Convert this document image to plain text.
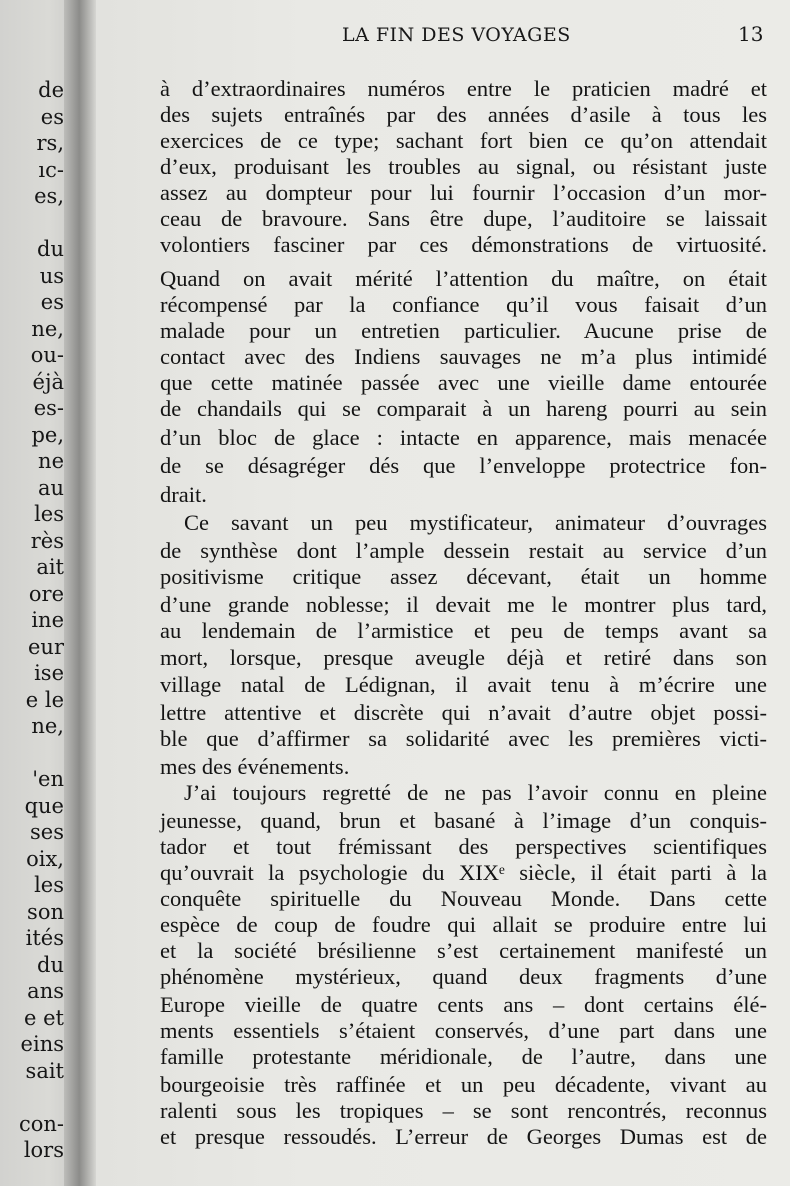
de
es
rs,
ıc-
es,
du
us
es
ne,
ou-
éjà
es-
pe,
ne
au
les
rès
ait
ore
ine
eur
ise
e le
ne,
'en
que
ses
oix,
les
son
ités
du
ans
e et
eins
sait
con-
lors
LA FIN DES VOYAGES	13
à d’extraordinaires numéros entre le praticien madré et
des sujets entraînés par des années d’asile à tous les
exercices de ce type; sachant fort bien ce qu’on attendait
d’eux, produisant les troubles au signal, ou résistant juste
assez au dompteur pour lui fournir l’occasion d’un mor-
ceau de bravoure. Sans être dupe, l’auditoire se laissait
volontiers fasciner par ces démonstrations de virtuosité.
Quand on avait mérité l’attention du maître, on était
récompensé par la confiance qu’il vous faisait d’un
malade pour un entretien particulier. Aucune prise de
contact avec des Indiens sauvages ne m’a plus intimidé
que cette matinée passée avec une vieille dame entourée
de chandails qui se comparait à un hareng pourri au sein
d’un bloc de glace : intacte en apparence, mais menacée
de se désagréger dés que l’enveloppe protectrice fon-
drait.
Ce savant un peu mystificateur, animateur d’ouvrages
de synthèse dont l’ample dessein restait au service d’un
positivisme critique assez décevant, était un homme
d’une grande noblesse; il devait me le montrer plus tard,
au lendemain de l’armistice et peu de temps avant sa
mort, lorsque, presque aveugle déjà et retiré dans son
village natal de Lédignan, il avait tenu à m’écrire une
lettre attentive et discrète qui n’avait d’autre objet possi-
ble que d’affirmer sa solidarité avec les premières victi-
mes des événements.
J’ai toujours regretté de ne pas l’avoir connu en pleine
jeunesse, quand, brun et basané à l’image d’un conquis-
tador et tout frémissant des perspectives scientifiques
qu’ouvrait la psychologie du XIXᵉ siècle, il était parti à la
conquête spirituelle du Nouveau Monde. Dans cette
espèce de coup de foudre qui allait se produire entre lui
et la société brésilienne s’est certainement manifesté un
phénomène mystérieux, quand deux fragments d’une
Europe vieille de quatre cents ans – dont certains élé-
ments essentiels s’étaient conservés, d’une part dans une
famille protestante méridionale, de l’autre, dans une
bourgeoisie très raffinée et un peu décadente, vivant au
ralenti sous les tropiques – se sont rencontrés, reconnus
et presque ressoudés. L’erreur de Georges Dumas est de
